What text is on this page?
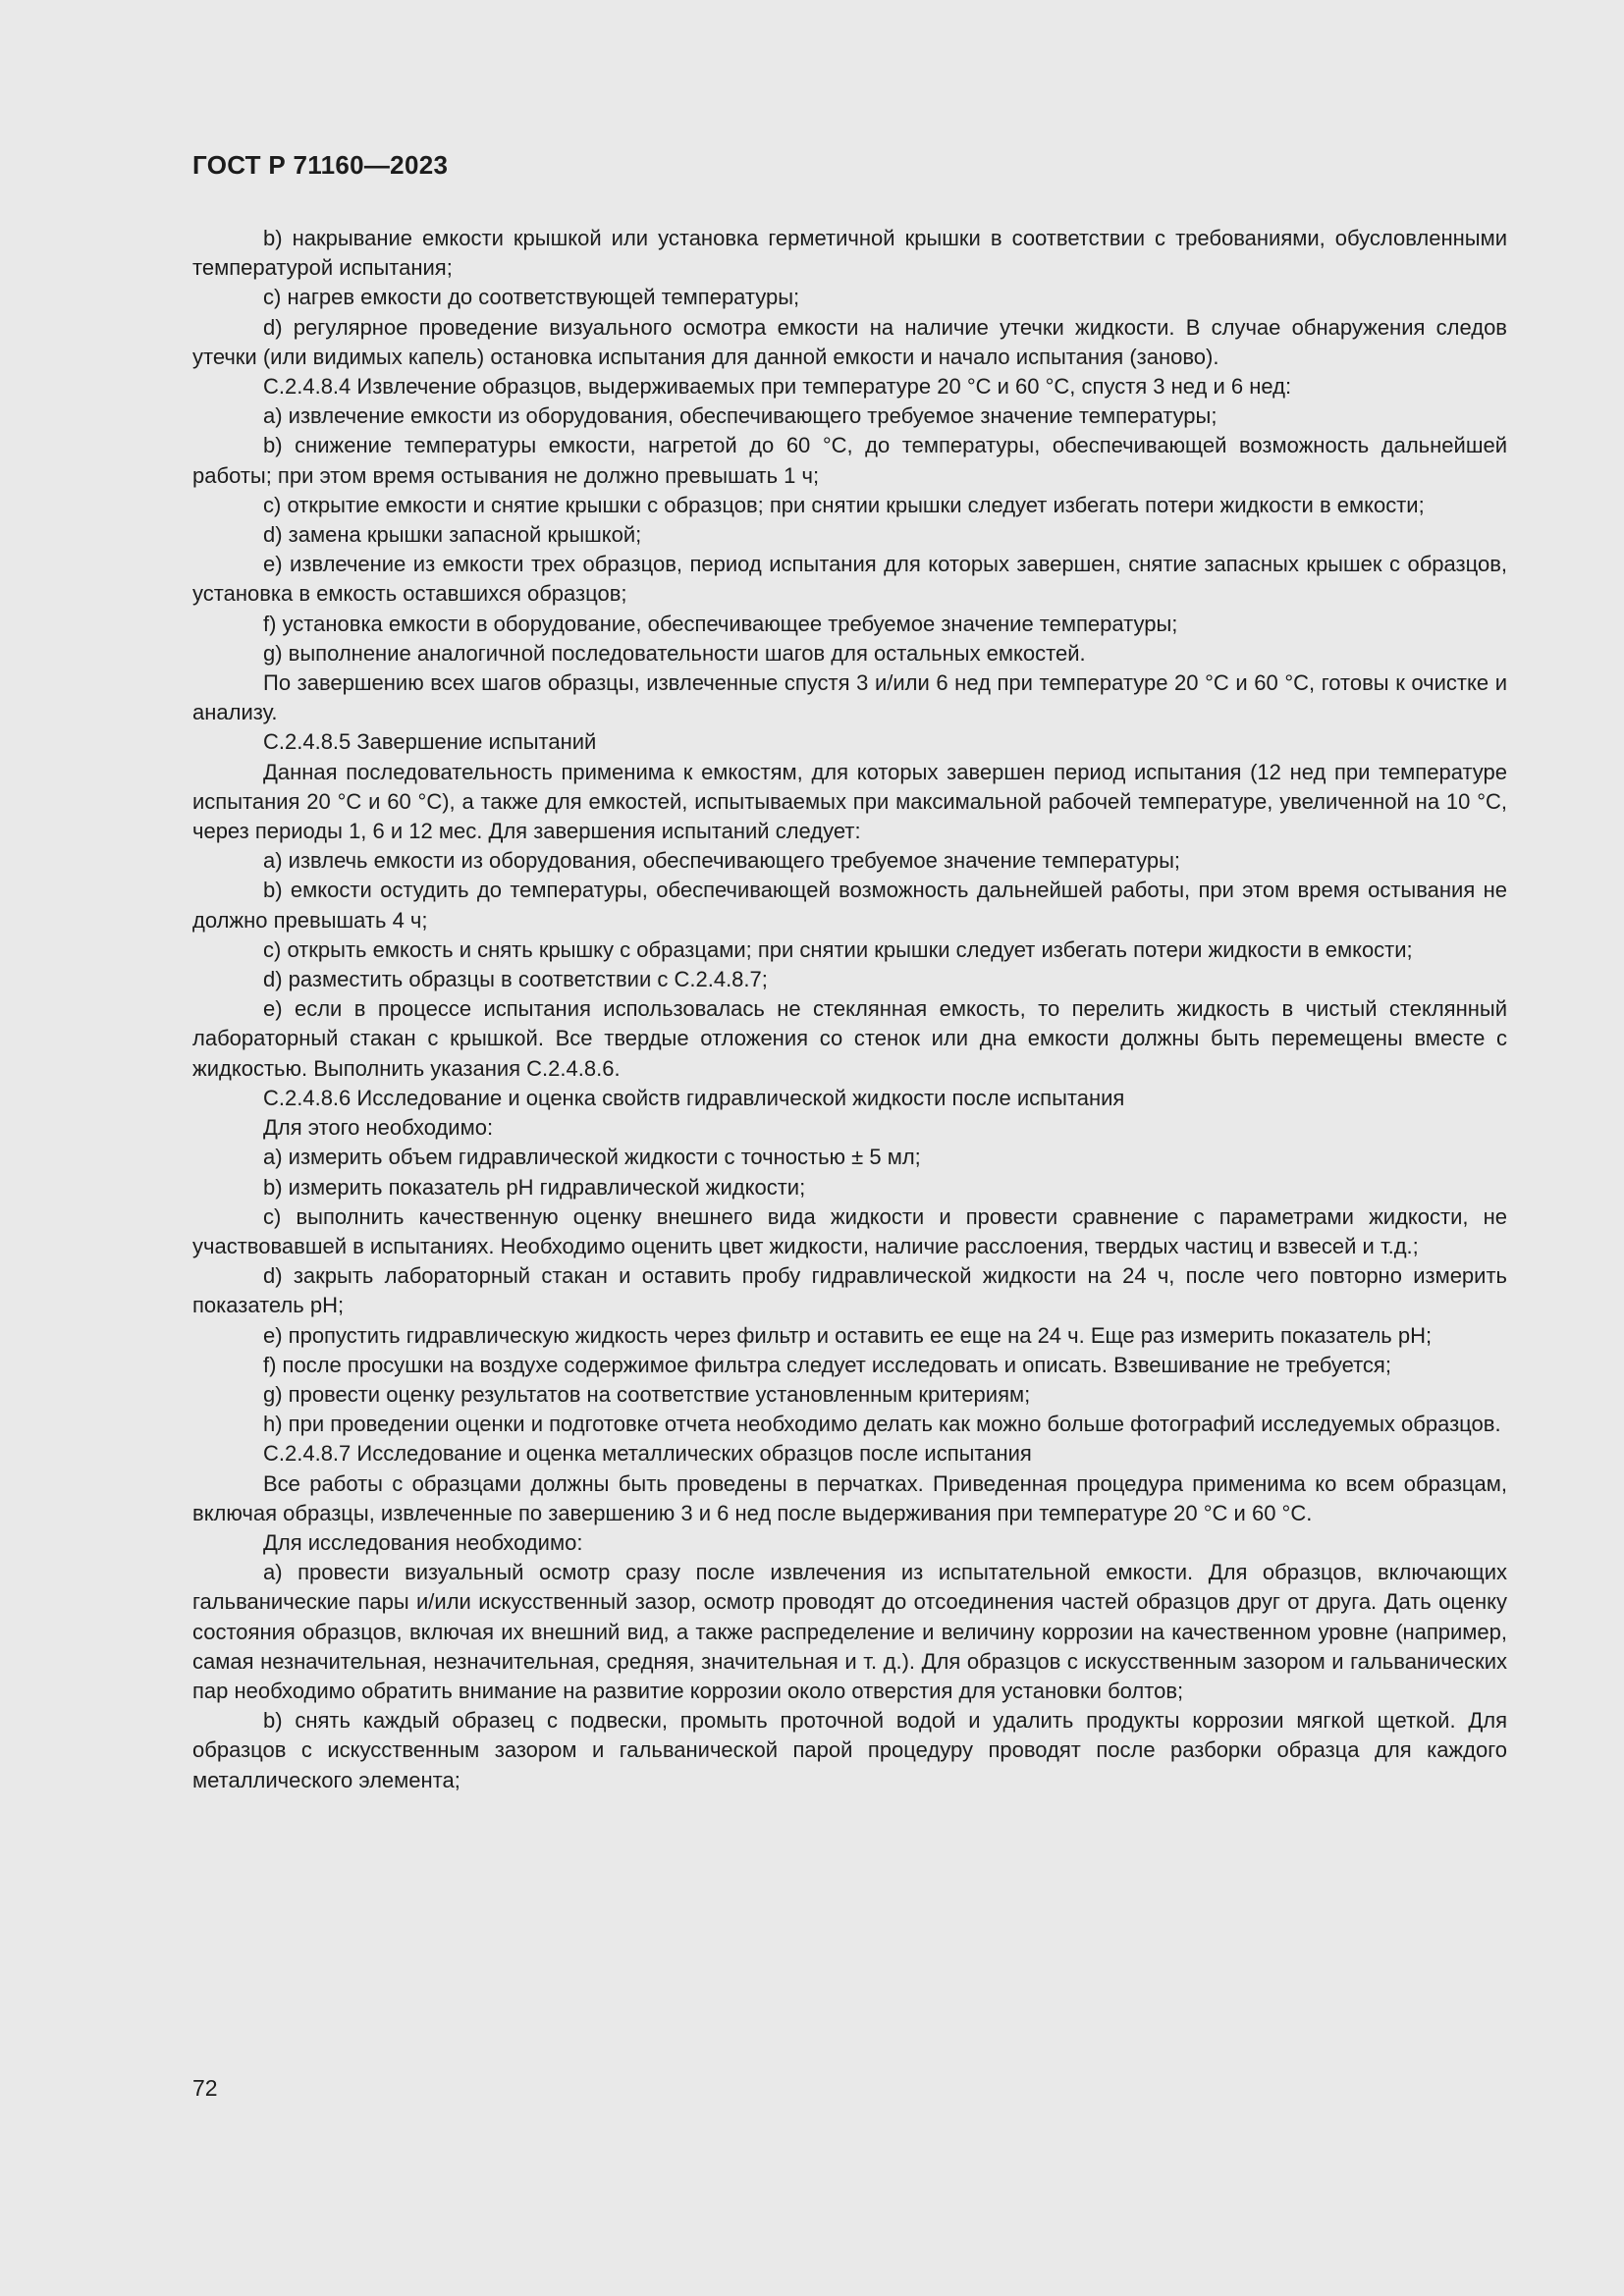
ГОСТ Р 71160—2023

b) накрывание емкости крышкой или установка герметичной крышки в соответствии с требованиями, обусловленными температурой испытания;

c) нагрев емкости до соответствующей температуры;

d) регулярное проведение визуального осмотра емкости на наличие утечки жидкости. В случае обнаружения следов утечки (или видимых капель) остановка испытания для данной емкости и начало испытания (заново).

C.2.4.8.4 Извлечение образцов, выдерживаемых при температуре 20 °C и 60 °C, спустя 3 нед и 6 нед:

a) извлечение емкости из оборудования, обеспечивающего требуемое значение температуры;

b) снижение температуры емкости, нагретой до 60 °C, до температуры, обеспечивающей возможность дальнейшей работы; при этом время остывания не должно превышать 1 ч;

c) открытие емкости и снятие крышки с образцов; при снятии крышки следует избегать потери жидкости в емкости;

d) замена крышки запасной крышкой;

e) извлечение из емкости трех образцов, период испытания для которых завершен, снятие запасных крышек с образцов, установка в емкость оставшихся образцов;

f) установка емкости в оборудование, обеспечивающее требуемое значение температуры;

g) выполнение аналогичной последовательности шагов для остальных емкостей.

По завершению всех шагов образцы, извлеченные спустя 3 и/или 6 нед при температуре 20 °C и 60 °C, готовы к очистке и анализу.

C.2.4.8.5 Завершение испытаний

Данная последовательность применима к емкостям, для которых завершен период испытания (12 нед при температуре испытания 20 °C и 60 °C), а также для емкостей, испытываемых при максимальной рабочей температуре, увеличенной на 10 °C, через периоды 1, 6 и 12 мес. Для завершения испытаний следует:

a) извлечь емкости из оборудования, обеспечивающего требуемое значение температуры;

b) емкости остудить до температуры, обеспечивающей возможность дальнейшей работы, при этом время остывания не должно превышать 4 ч;

c) открыть емкость и снять крышку с образцами; при снятии крышки следует избегать потери жидкости в емкости;

d) разместить образцы в соответствии с C.2.4.8.7;

e) если в процессе испытания использовалась не стеклянная емкость, то перелить жидкость в чистый стеклянный лабораторный стакан с крышкой. Все твердые отложения со стенок или дна емкости должны быть перемещены вместе с жидкостью. Выполнить указания C.2.4.8.6.

C.2.4.8.6 Исследование и оценка свойств гидравлической жидкости после испытания

Для этого необходимо:

a) измерить объем гидравлической жидкости с точностью ± 5 мл;

b) измерить показатель pH гидравлической жидкости;

c) выполнить качественную оценку внешнего вида жидкости и провести сравнение с параметрами жидкости, не участвовавшей в испытаниях. Необходимо оценить цвет жидкости, наличие расслоения, твердых частиц и взвесей и т.д.;

d) закрыть лабораторный стакан и оставить пробу гидравлической жидкости на 24 ч, после чего повторно измерить показатель pH;

e) пропустить гидравлическую жидкость через фильтр и оставить ее еще на 24 ч. Еще раз измерить показатель pH;

f) после просушки на воздухе содержимое фильтра следует исследовать и описать. Взвешивание не требуется;

g) провести оценку результатов на соответствие установленным критериям;

h) при проведении оценки и подготовке отчета необходимо делать как можно больше фотографий исследуемых образцов.

C.2.4.8.7 Исследование и оценка металлических образцов после испытания

Все работы с образцами должны быть проведены в перчатках. Приведенная процедура применима ко всем образцам, включая образцы, извлеченные по завершению 3 и 6 нед после выдерживания при температуре 20 °C и 60 °C.

Для исследования необходимо:

a) провести визуальный осмотр сразу после извлечения из испытательной емкости. Для образцов, включающих гальванические пары и/или искусственный зазор, осмотр проводят до отсоединения частей образцов друг от друга. Дать оценку состояния образцов, включая их внешний вид, а также распределение и величину коррозии на качественном уровне (например, самая незначительная, незначительная, средняя, значительная и т. д.). Для образцов с искусственным зазором и гальванических пар необходимо обратить внимание на развитие коррозии около отверстия для установки болтов;

b) снять каждый образец с подвески, промыть проточной водой и удалить продукты коррозии мягкой щеткой. Для образцов с искусственным зазором и гальванической парой процедуру проводят после разборки образца для каждого металлического элемента;

72
